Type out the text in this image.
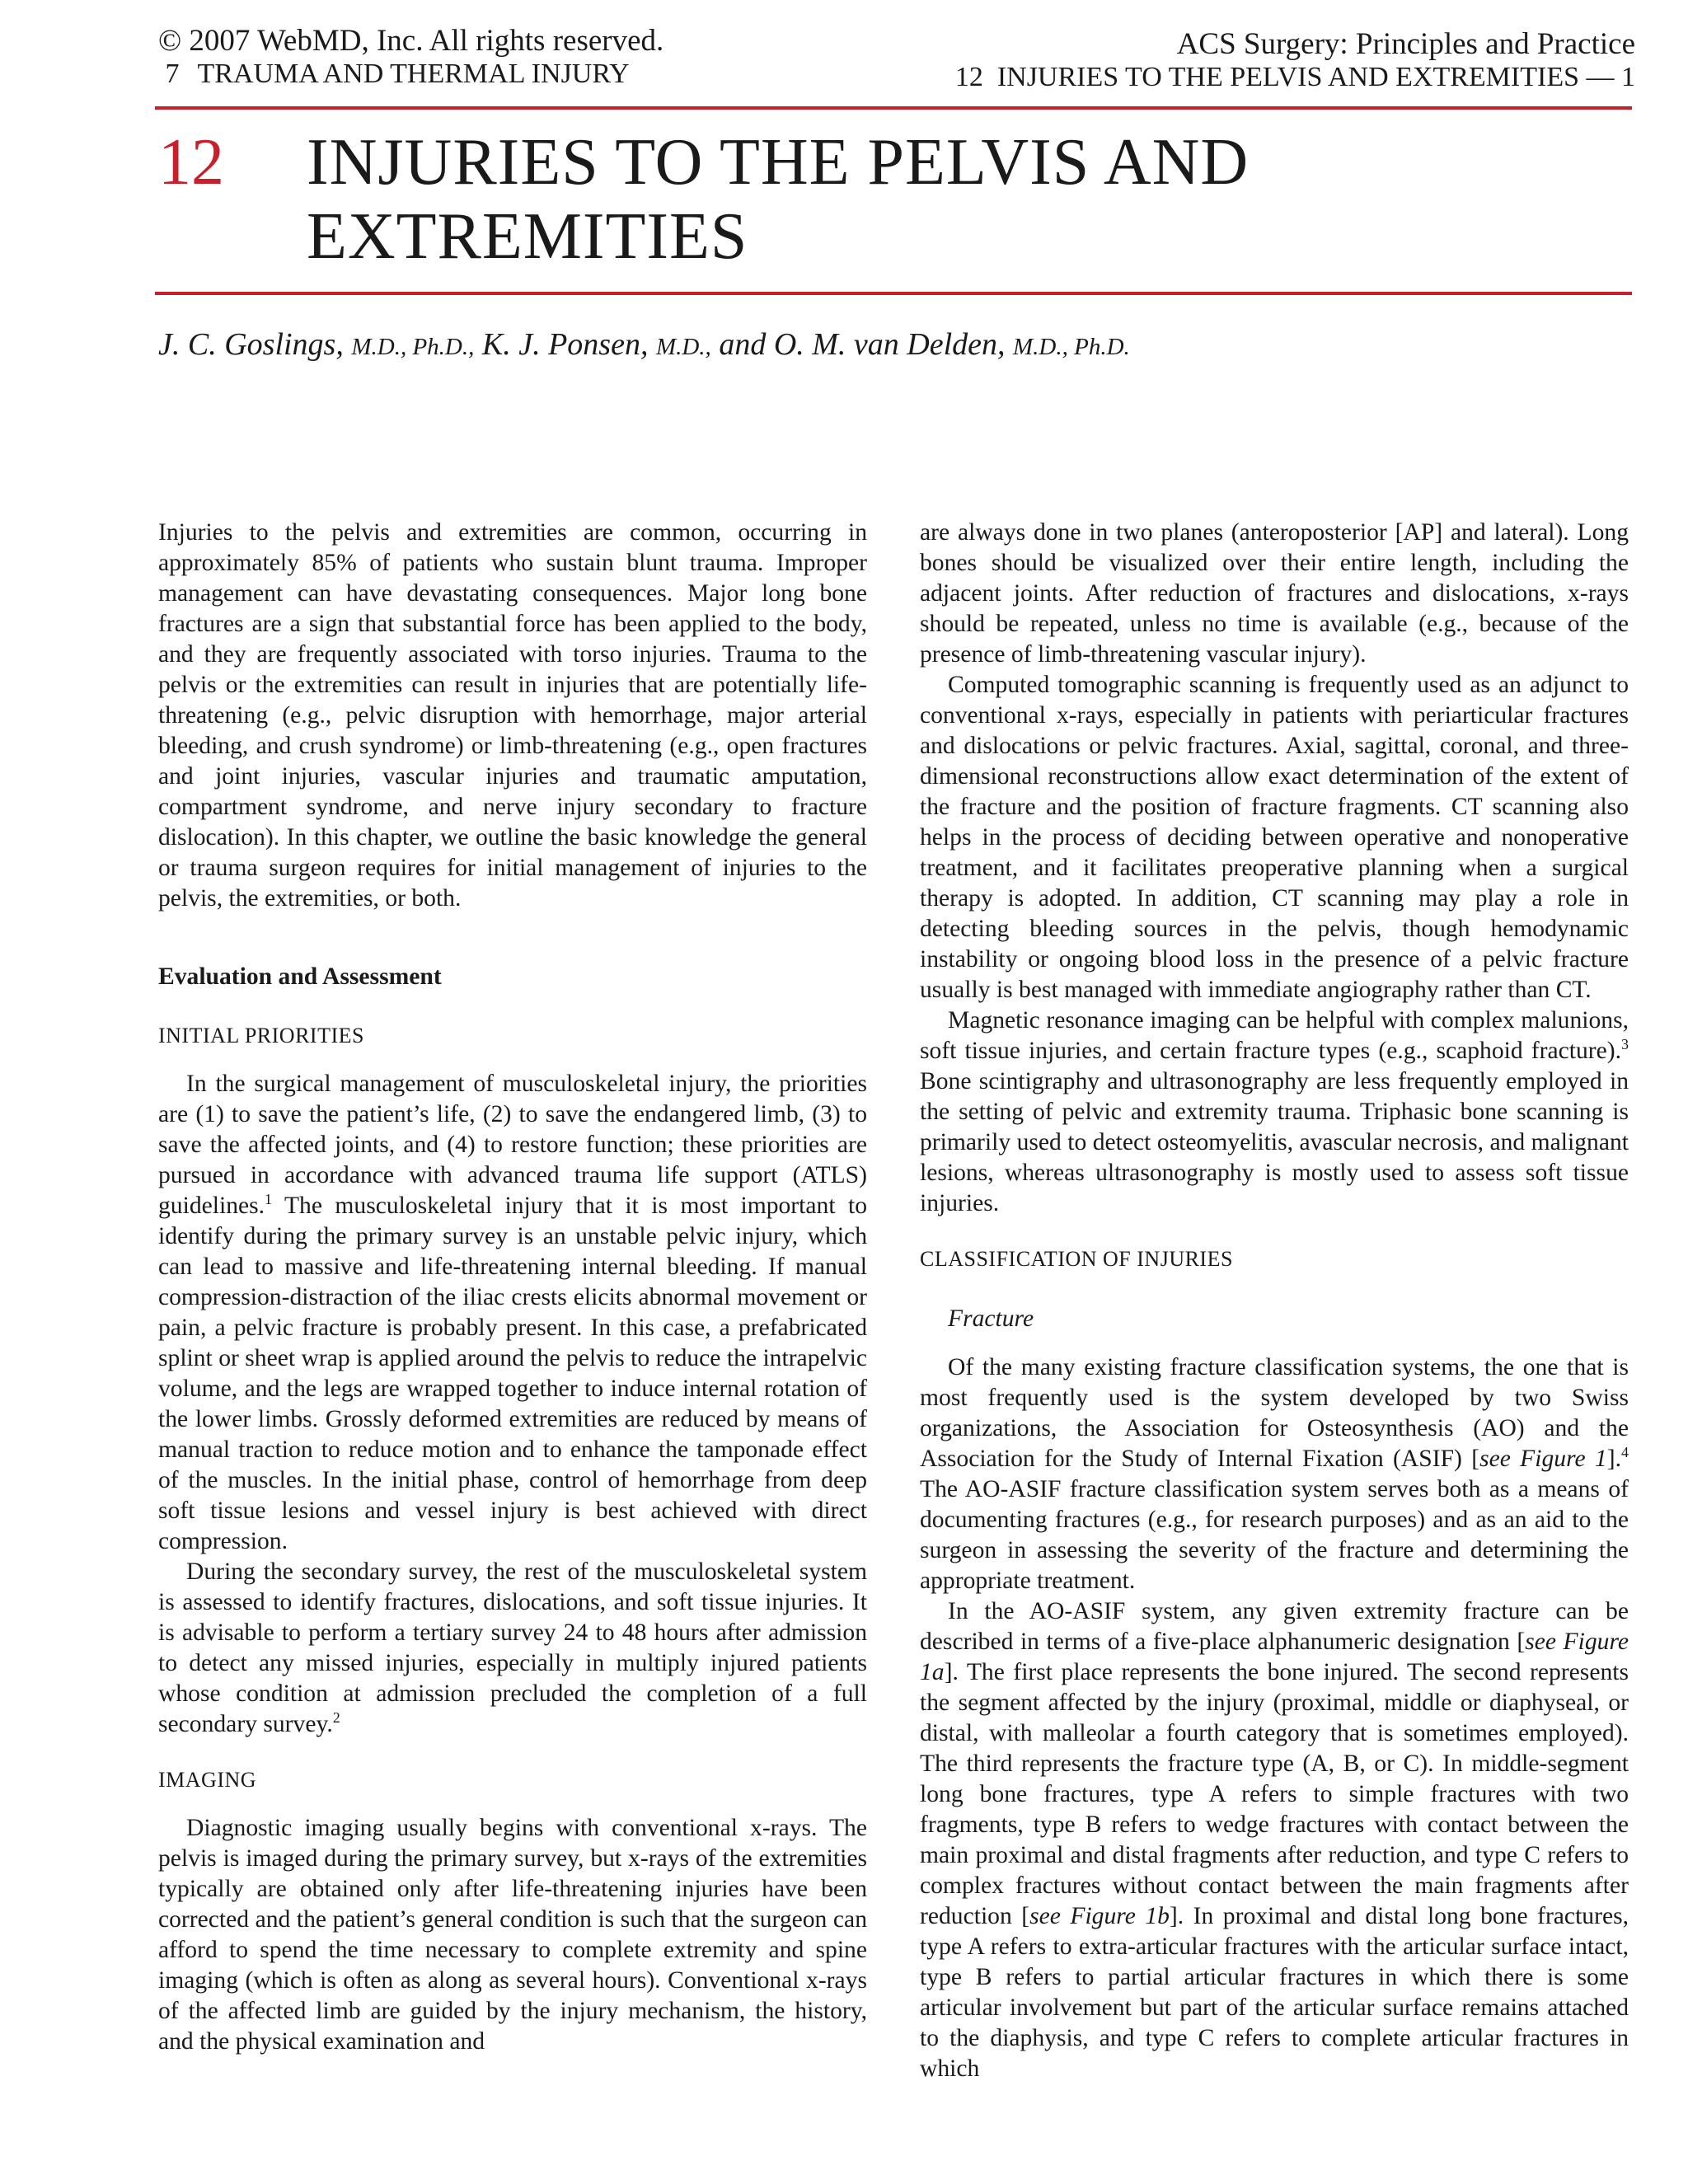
© 2007 WebMD, Inc. All rights reserved.
7 TRAUMA AND THERMAL INJURY
ACS Surgery: Principles and Practice
12  INJURIES TO THE PELVIS AND EXTREMITIES — 1
12 INJURIES TO THE PELVIS AND
EXTREMITIES
J. C. Goslings, M.D., Ph.D., K. J. Ponsen, M.D., and O. M. van Delden, M.D., Ph.D.

Injuries to the pelvis and extremities are common, occurring in approximately 85% of patients who sustain blunt trauma. Improper management can have devastating consequences. Major long bone fractures are a sign that substantial force has been applied to the body, and they are frequently associated with torso injuries. Trauma to the pelvis or the extremities can result in injuries that are potentially life-threatening (e.g., pelvic disruption with hemorrhage, major arterial bleeding, and crush syndrome) or limb-threatening (e.g., open fractures and joint injuries, vascular injuries and traumatic amputation, compartment syndrome, and nerve injury secondary to fracture dislocation). In this chapter, we outline the basic knowledge the general or trauma surgeon requires for initial management of injuries to the pelvis, the extremities, or both.

Evaluation and Assessment

INITIAL PRIORITIES

In the surgical management of musculoskeletal injury, the priorities are (1) to save the patient’s life, (2) to save the endangered limb, (3) to save the affected joints, and (4) to restore function; these priorities are pursued in accordance with advanced trauma life support (ATLS) guidelines.$^1$ The musculoskeletal injury that it is most important to identify during the primary survey is an unstable pelvic injury, which can lead to massive and life-threatening internal bleeding. If manual compression-distraction of the iliac crests elicits abnormal movement or pain, a pelvic fracture is probably present. In this case, a prefabricated splint or sheet wrap is applied around the pelvis to reduce the intrapelvic volume, and the legs are wrapped together to induce internal rotation of the lower limbs. Grossly deformed extremities are reduced by means of manual traction to reduce motion and to enhance the tamponade effect of the muscles. In the initial phase, control of hemorrhage from deep soft tissue lesions and vessel injury is best achieved with direct compression.

During the secondary survey, the rest of the musculoskeletal system is assessed to identify fractures, dislocations, and soft tissue injuries. It is advisable to perform a tertiary survey 24 to 48 hours after admission to detect any missed injuries, especially in multiply injured patients whose condition at admission precluded the completion of a full secondary survey.$^2$

IMAGING

Diagnostic imaging usually begins with conventional x-rays. The pelvis is imaged during the primary survey, but x-rays of the extremities typically are obtained only after life-threatening injuries have been corrected and the patient’s general condition is such that the surgeon can afford to spend the time necessary to complete extremity and spine imaging (which is often as along as several hours). Conventional x-rays of the affected limb are guided by the injury mechanism, the history, and the physical examination and

are always done in two planes (anteroposterior [AP] and lateral). Long bones should be visualized over their entire length, including the adjacent joints. After reduction of fractures and dislocations, x-rays should be repeated, unless no time is available (e.g., because of the presence of limb-threatening vascular injury).

Computed tomographic scanning is frequently used as an adjunct to conventional x-rays, especially in patients with periarticular fractures and dislocations or pelvic fractures. Axial, sagittal, coronal, and three-dimensional reconstructions allow exact determination of the extent of the fracture and the position of fracture fragments. CT scanning also helps in the process of deciding between operative and nonoperative treatment, and it facilitates preoperative planning when a surgical therapy is adopted. In addition, CT scanning may play a role in detecting bleeding sources in the pelvis, though hemodynamic instability or ongoing blood loss in the presence of a pelvic fracture usually is best managed with immediate angiography rather than CT.

Magnetic resonance imaging can be helpful with complex malunions, soft tissue injuries, and certain fracture types (e.g., scaphoid fracture).$^3$ Bone scintigraphy and ultrasonography are less frequently employed in the setting of pelvic and extremity trauma. Triphasic bone scanning is primarily used to detect osteomyelitis, avascular necrosis, and malignant lesions, whereas ultrasonography is mostly used to assess soft tissue injuries.

CLASSIFICATION OF INJURIES

Fracture

Of the many existing fracture classification systems, the one that is most frequently used is the system developed by two Swiss organizations, the Association for Osteosynthesis (AO) and the Association for the Study of Internal Fixation (ASIF) [see Figure 1].$^4$ The AO-ASIF fracture classification system serves both as a means of documenting fractures (e.g., for research purposes) and as an aid to the surgeon in assessing the severity of the fracture and determining the appropriate treatment.

In the AO-ASIF system, any given extremity fracture can be described in terms of a five-place alphanumeric designation [see Figure 1a]. The first place represents the bone injured. The second represents the segment affected by the injury (proximal, middle or diaphyseal, or distal, with malleolar a fourth category that is sometimes employed). The third represents the fracture type (A, B, or C). In middle-segment long bone fractures, type A refers to simple fractures with two fragments, type B refers to wedge fractures with contact between the main proximal and distal fragments after reduction, and type C refers to complex fractures without contact between the main fragments after reduction [see Figure 1b]. In proximal and distal long bone fractures, type A refers to extra-articular fractures with the articular surface intact, type B refers to partial articular fractures in which there is some articular involvement but part of the articular surface remains attached to the diaphysis, and type C refers to complete articular fractures in which
